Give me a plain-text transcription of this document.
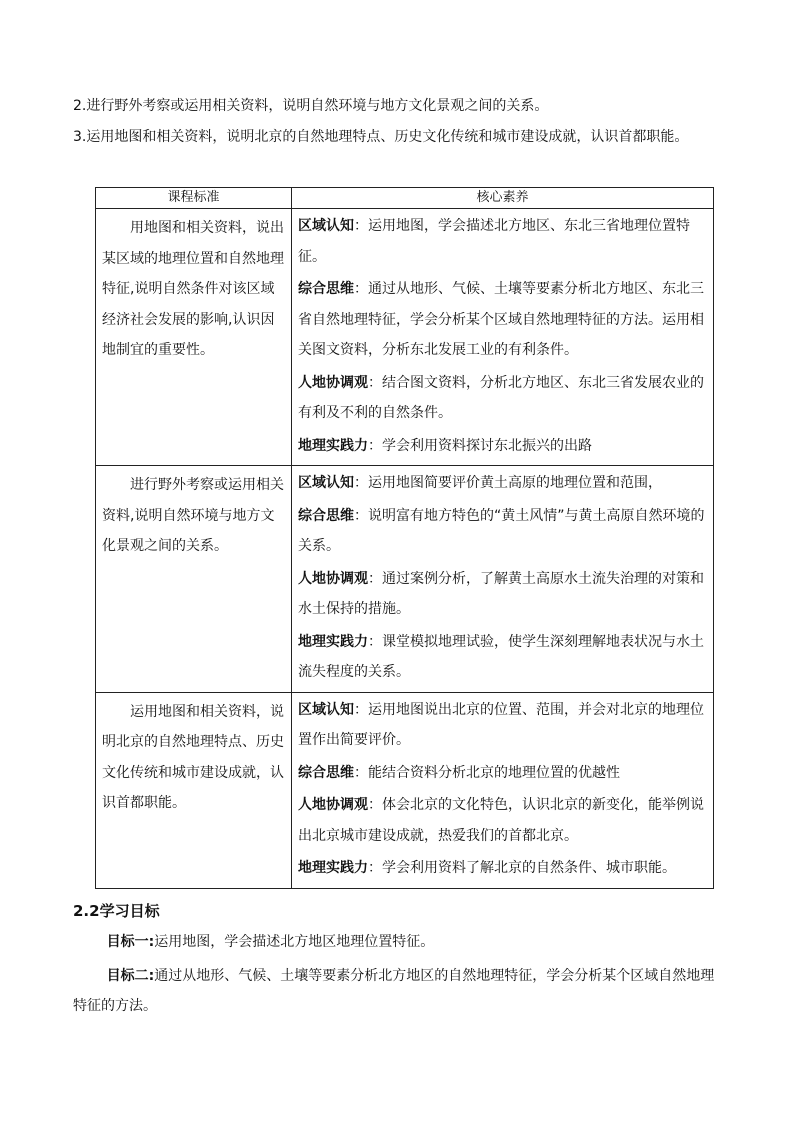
2.进行野外考察或运用相关资料，说明自然环境与地方文化景观之间的关系。
3.运用地图和相关资料，说明北京的自然地理特点、历史文化传统和城市建设成就，认识首都职能。
课程标准	核心素养
用地图和相关资料，说出某区域的地理位置和自然地理特征,说明自然条件对该区域经济社会发展的影响,认识因地制宜的重要性。	区域认知：运用地图，学会描述北方地区、东北三省地理位置特征。

综合思维：通过从地形、气候、土壤等要素分析北方地区、东北三省自然地理特征，学会分析某个区域自然地理特征的方法。运用相关图文资料，分析东北发展工业的有利条件。

人地协调观：结合图文资料，分析北方地区、东北三省发展农业的有利及不利的自然条件。

地理实践力：学会利用资料探讨东北振兴的出路

进行野外考察或运用相关资料,说明自然环境与地方文化景观之间的关系。	区域认知：运用地图简要评价黄土高原的地理位置和范围，

综合思维：说明富有地方特色的“黄土风情”与黄土高原自然环境的关系。

人地协调观：通过案例分析，了解黄土高原水土流失治理的对策和水土保持的措施。

地理实践力：课堂模拟地理试验，使学生深刻理解地表状况与水土流失程度的关系。

运用地图和相关资料，说明北京的自然地理特点、历史文化传统和城市建设成就，认识首都职能。	区域认知：运用地图说出北京的位置、范围，并会对北京的地理位置作出简要评价。

综合思维：能结合资料分析北京的地理位置的优越性

人地协调观：体会北京的文化特色，认识北京的新变化，能举例说出北京城市建设成就，热爱我们的首都北京。

地理实践力：学会利用资料了解北京的自然条件、城市职能。

2.2学习目标
目标一:运用地图，学会描述北方地区地理位置特征。
目标二:通过从地形、气候、土壤等要素分析北方地区的自然地理特征，学会分析某个区域自然地理特征的方法。
